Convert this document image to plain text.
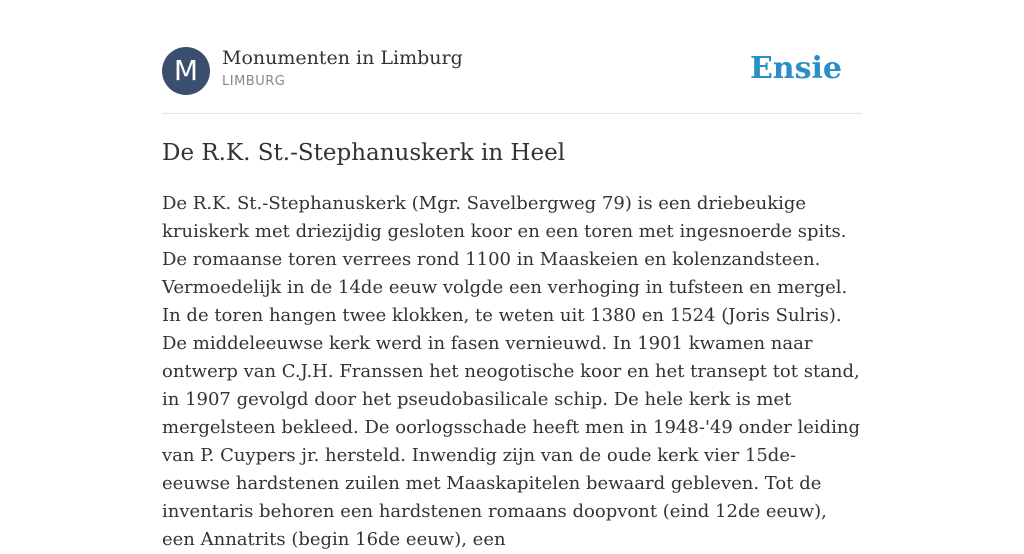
M	Monumenten in Limburg
LIMBURG	Ensie
De R.K. St.-Stephanuskerk in Heel

De R.K. St.-Stephanuskerk (Mgr. Savelbergweg 79) is een driebeukige kruiskerk met driezijdig gesloten koor en een toren met ingesnoerde spits. De romaanse toren verrees rond 1100 in Maaskeien en kolenzandsteen. Vermoedelijk in de 14de eeuw volgde een verhoging in tufsteen en mergel. In de toren hangen twee klokken, te weten uit 1380 en 1524 (Joris Sulris). De middeleeuwse kerk werd in fasen vernieuwd. In 1901 kwamen naar ontwerp van C.J.H. Franssen het neogotische koor en het transept tot stand, in 1907 gevolgd door het pseudobasilicale schip. De hele kerk is met mergelsteen bekleed. De oorlogsschade heeft men in 1948-'49 onder leiding van P. Cuypers jr. hersteld. Inwendig zijn van de oude kerk vier 15de-eeuwse hardstenen zuilen met Maaskapitelen bewaard gebleven. Tot de inventaris behoren een hardstenen romaans doopvont (eind 12de eeuw), een Annatrits (begin 16de eeuw), een
